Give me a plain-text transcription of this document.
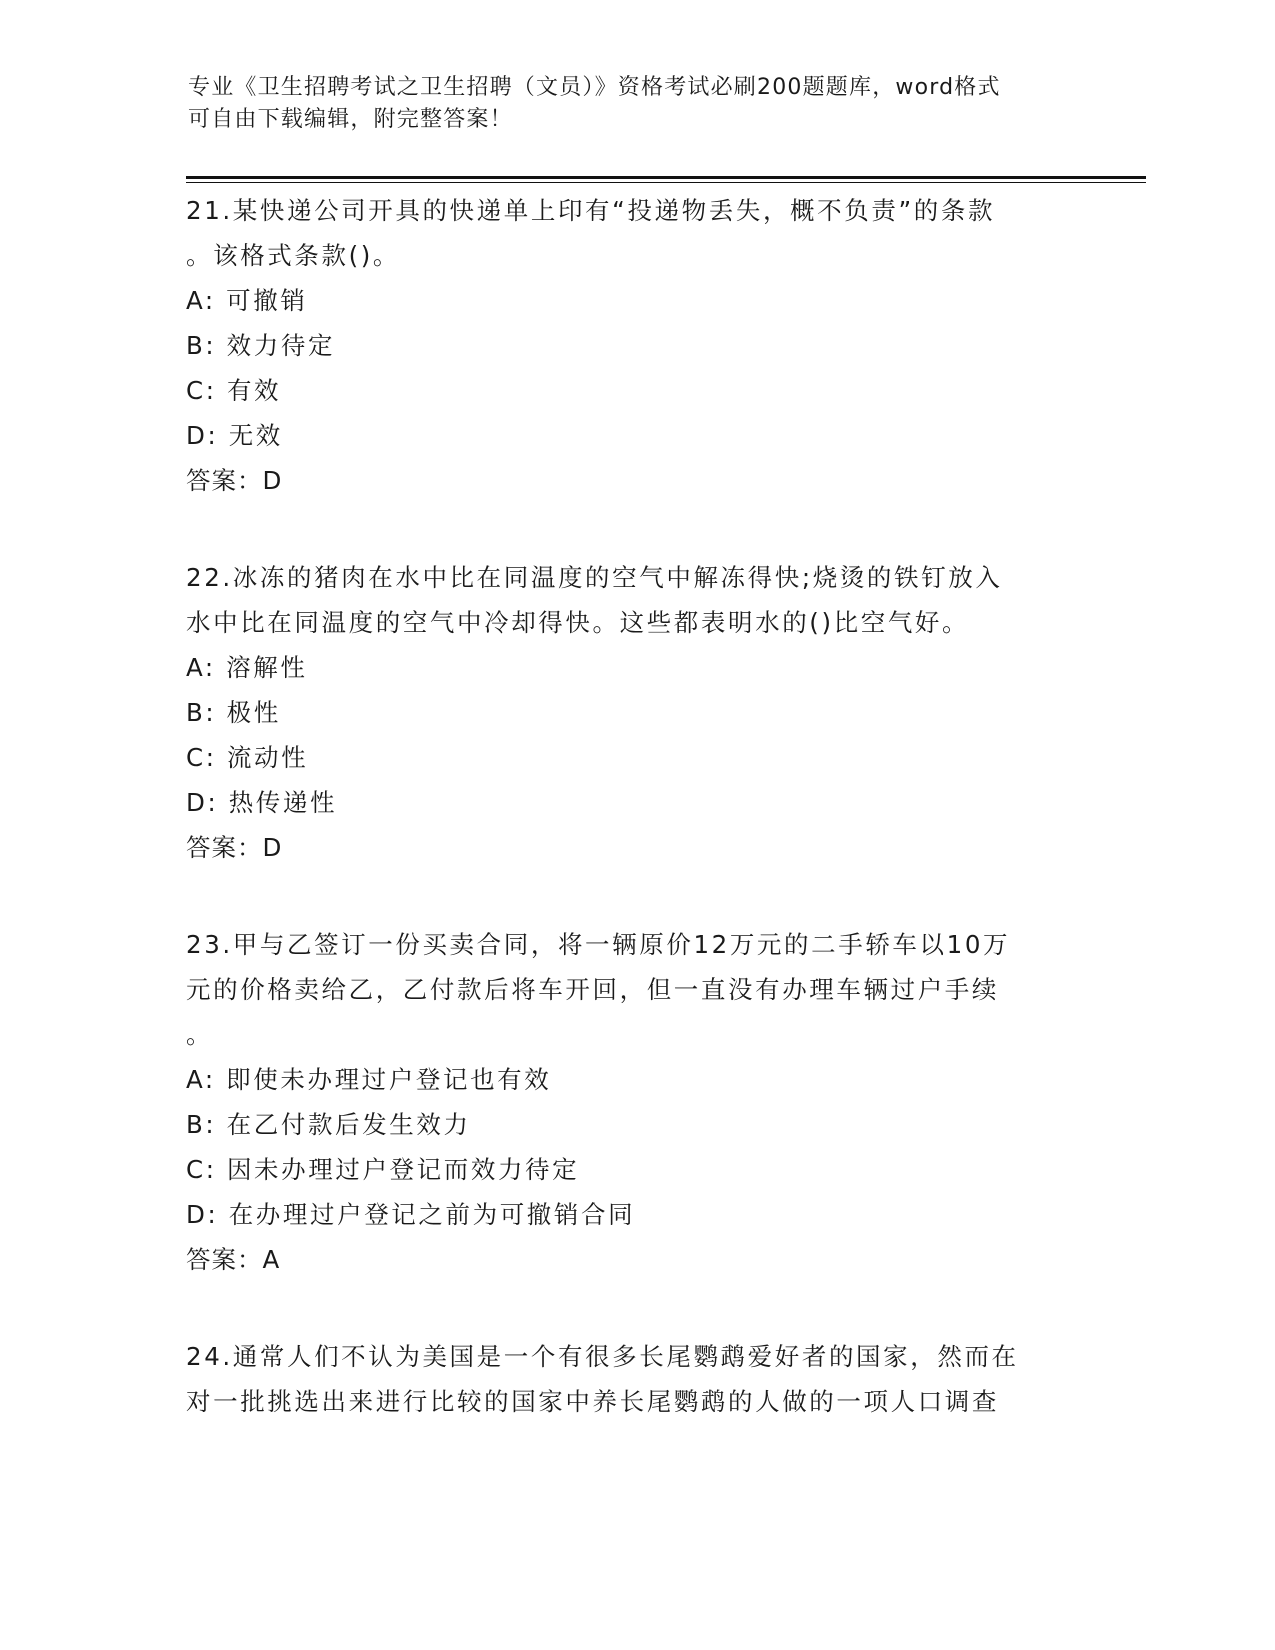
专业《卫生招聘考试之卫生招聘（文员）》资格考试必刷200题题库，word格式
可自由下载编辑，附完整答案！
21.某快递公司开具的快递单上印有“投递物丢失，概不负责”的条款
。该格式条款()。
A: 可撤销
B: 效力待定
C: 有效
D: 无效
答案：D
22.冰冻的猪肉在水中比在同温度的空气中解冻得快;烧烫的铁钉放入
水中比在同温度的空气中冷却得快。这些都表明水的()比空气好。
A: 溶解性
B: 极性
C: 流动性
D: 热传递性
答案：D
23.甲与乙签订一份买卖合同，将一辆原价12万元的二手轿车以10万
元的价格卖给乙，乙付款后将车开回，但一直没有办理车辆过户手续
。
A: 即使未办理过户登记也有效
B: 在乙付款后发生效力
C: 因未办理过户登记而效力待定
D: 在办理过户登记之前为可撤销合同
答案：A
24.通常人们不认为美国是一个有很多长尾鹦鹉爱好者的国家，然而在
对一批挑选出来进行比较的国家中养长尾鹦鹉的人做的一项人口调查
